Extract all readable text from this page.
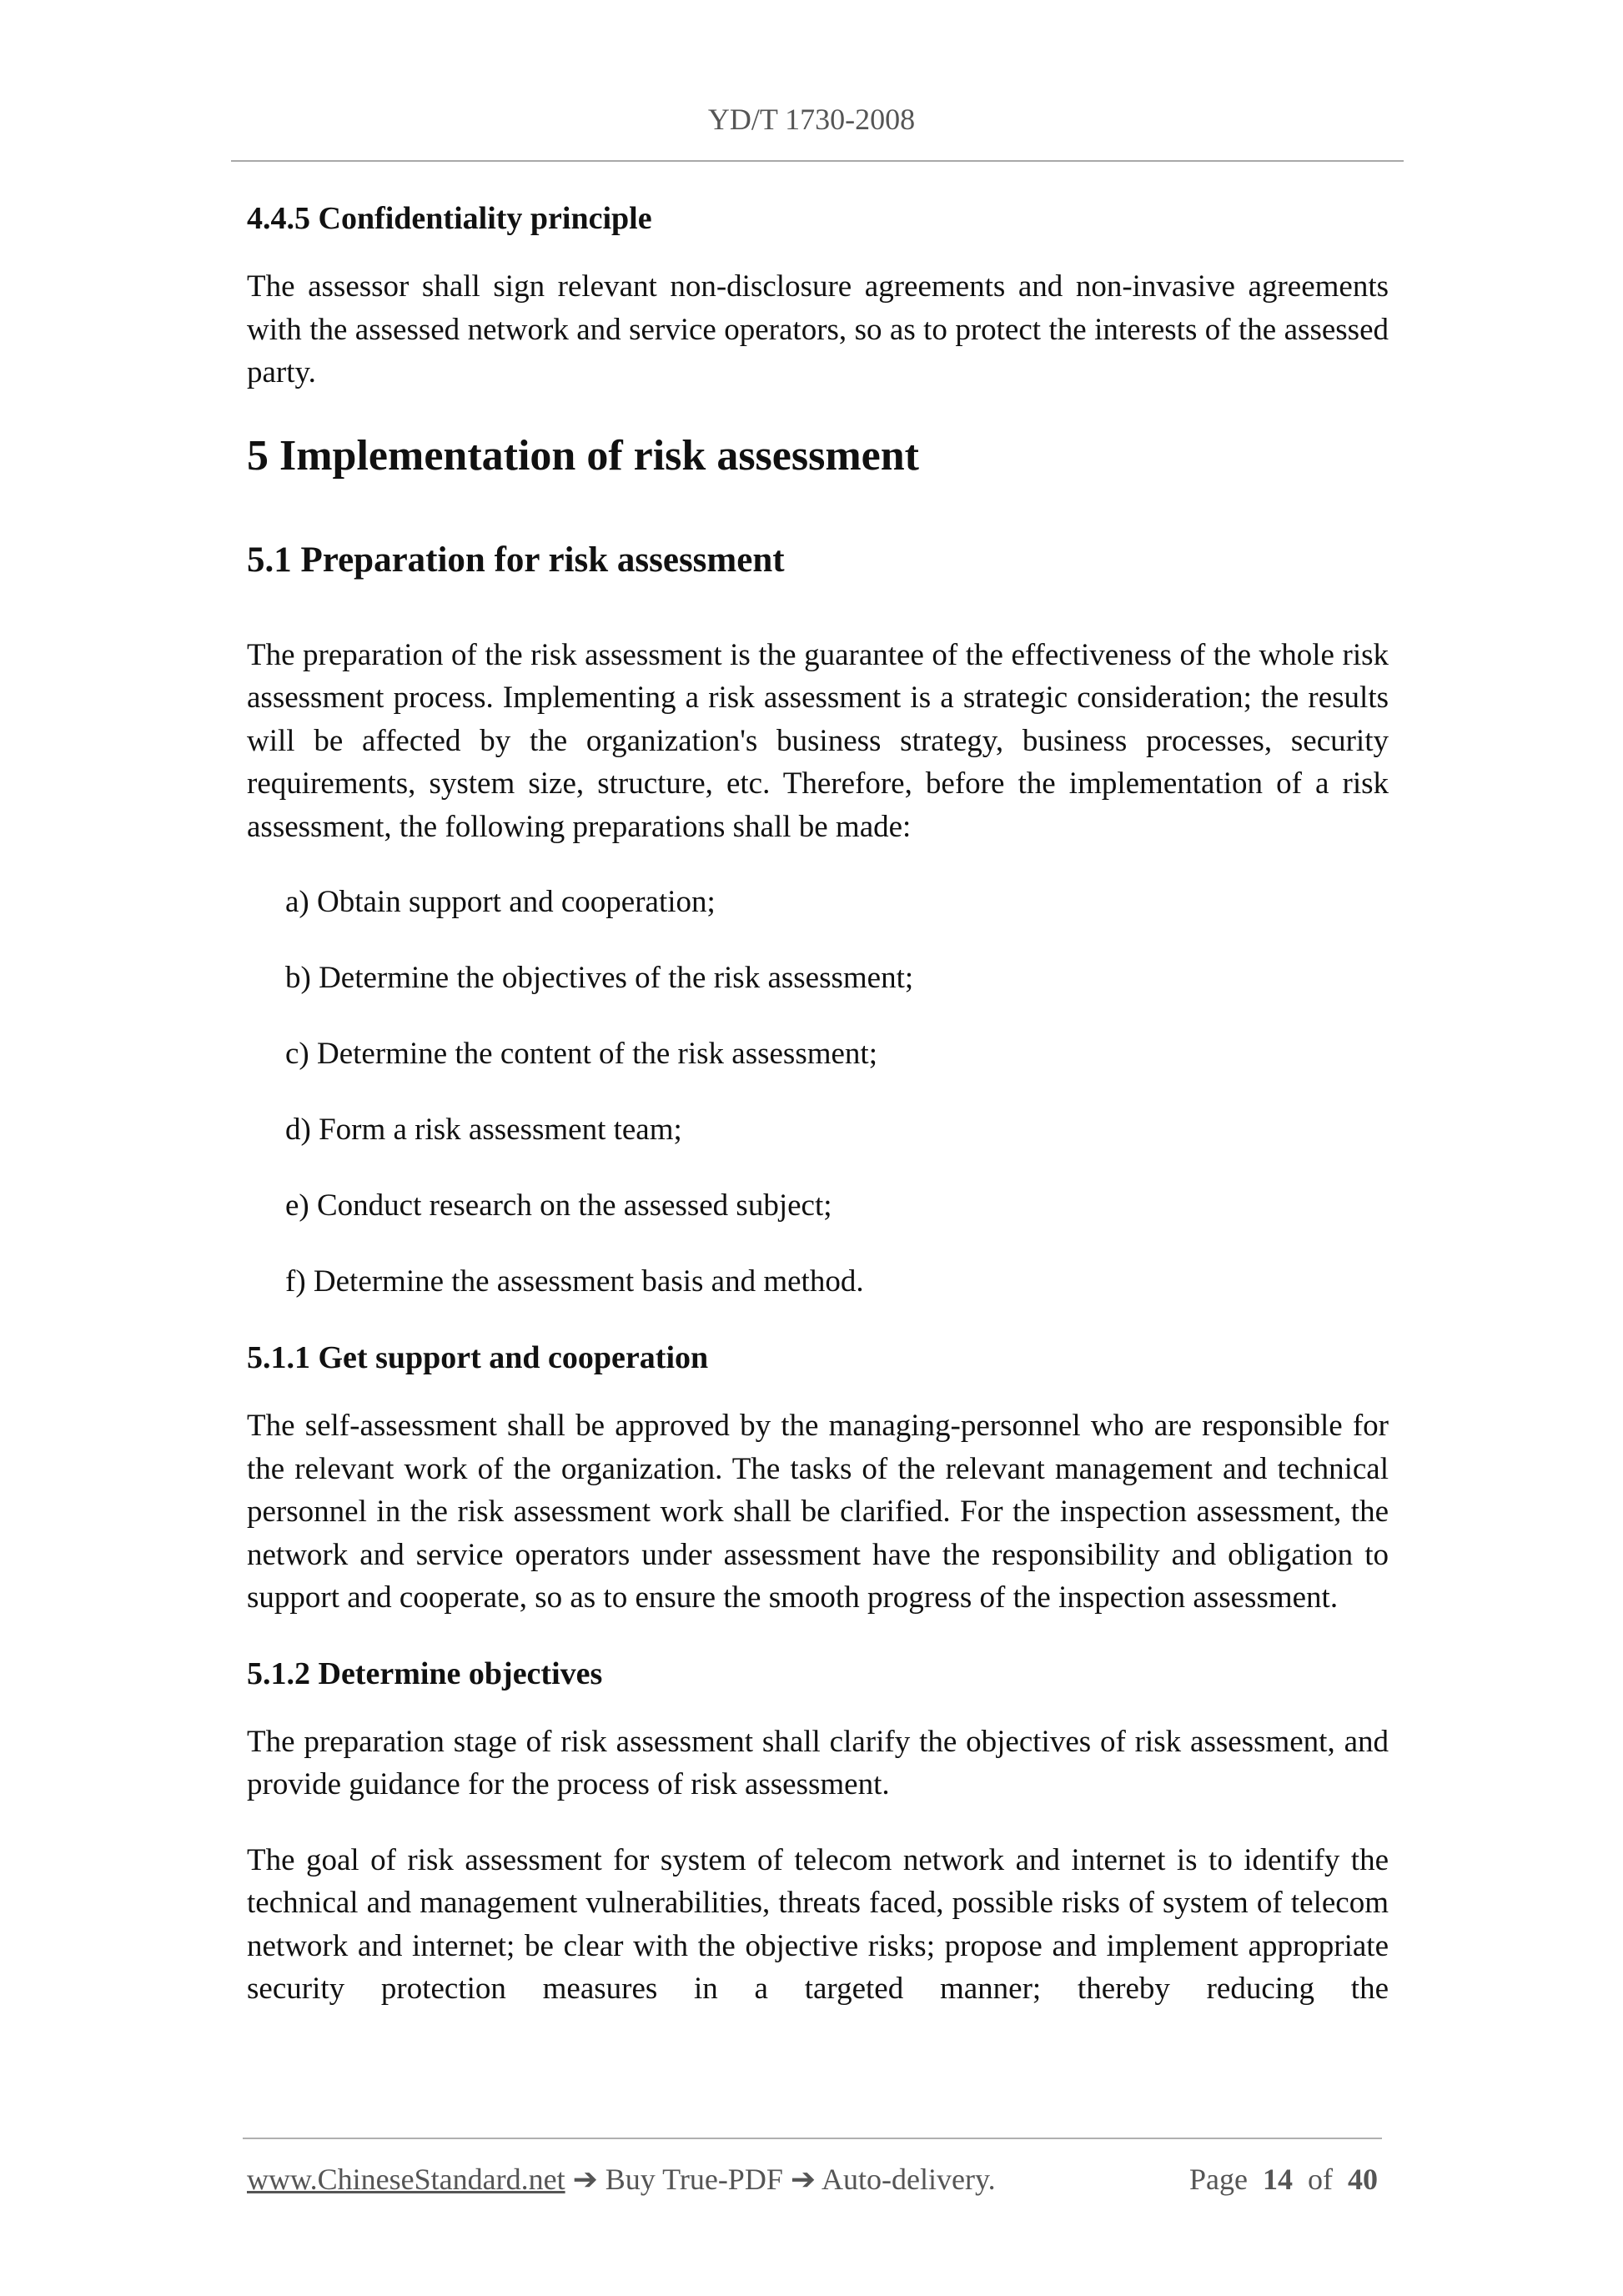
YD/T 1730-2008
4.4.5 Confidentiality principle
The assessor shall sign relevant non-disclosure agreements and non-invasive agreements with the assessed network and service operators, so as to protect the interests of the assessed party.
5 Implementation of risk assessment
5.1 Preparation for risk assessment
The preparation of the risk assessment is the guarantee of the effectiveness of the whole risk assessment process. Implementing a risk assessment is a strategic consideration; the results will be affected by the organization's business strategy, business processes, security requirements, system size, structure, etc. Therefore, before the implementation of a risk assessment, the following preparations shall be made:
a) Obtain support and cooperation;
b) Determine the objectives of the risk assessment;
c) Determine the content of the risk assessment;
d) Form a risk assessment team;
e) Conduct research on the assessed subject;
f) Determine the assessment basis and method.
5.1.1 Get support and cooperation
The self-assessment shall be approved by the managing-personnel who are responsible for the relevant work of the organization. The tasks of the relevant management and technical personnel in the risk assessment work shall be clarified. For the inspection assessment, the network and service operators under assessment have the responsibility and obligation to support and cooperate, so as to ensure the smooth progress of the inspection assessment.
5.1.2 Determine objectives
The preparation stage of risk assessment shall clarify the objectives of risk assessment, and provide guidance for the process of risk assessment.
The goal of risk assessment for system of telecom network and internet is to identify the technical and management vulnerabilities, threats faced, possible risks of system of telecom network and internet; be clear with the objective risks; propose and implement appropriate security protection measures in a targeted manner; thereby reducing the
www.ChineseStandard.net ➔ Buy True-PDF ➔ Auto-delivery.	Page 14 of 40
